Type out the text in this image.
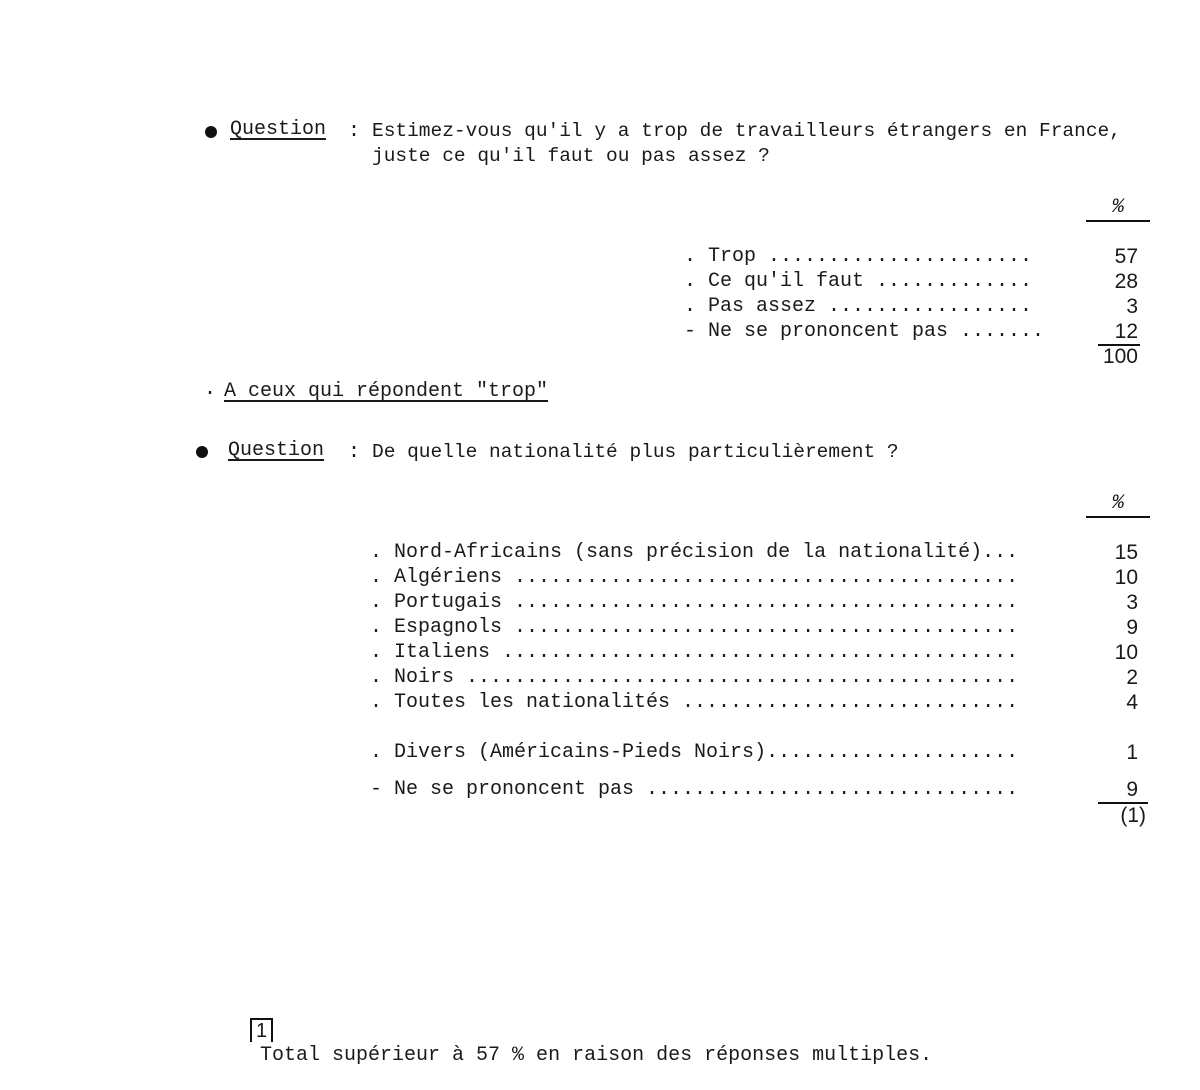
Question : Estimez-vous qu'il y a trop de travailleurs étrangers en France,
juste ce qu'il faut ou pas assez ?
%
. Trop ......................	57
. Ce qu'il faut .............	28
. Pas assez .................	3
- Ne se prononcent pas .......	12
100
· A ceux qui répondent "trop"
Question : De quelle nationalité plus particulièrement ?
%
. Nord-Africains (sans précision de la nationalité)...	15
. Algériens ..........................................	10
. Portugais ..........................................	3
. Espagnols ..........................................	9
. Italiens ...........................................	10
. Noirs ..............................................	2
. Toutes les nationalités ............................	4
. Divers (Américains-Pieds Noirs).....................	1
- Ne se prononcent pas ...............................	9
(1)

1
Total supérieur à 57 % en raison des réponses multiples.
